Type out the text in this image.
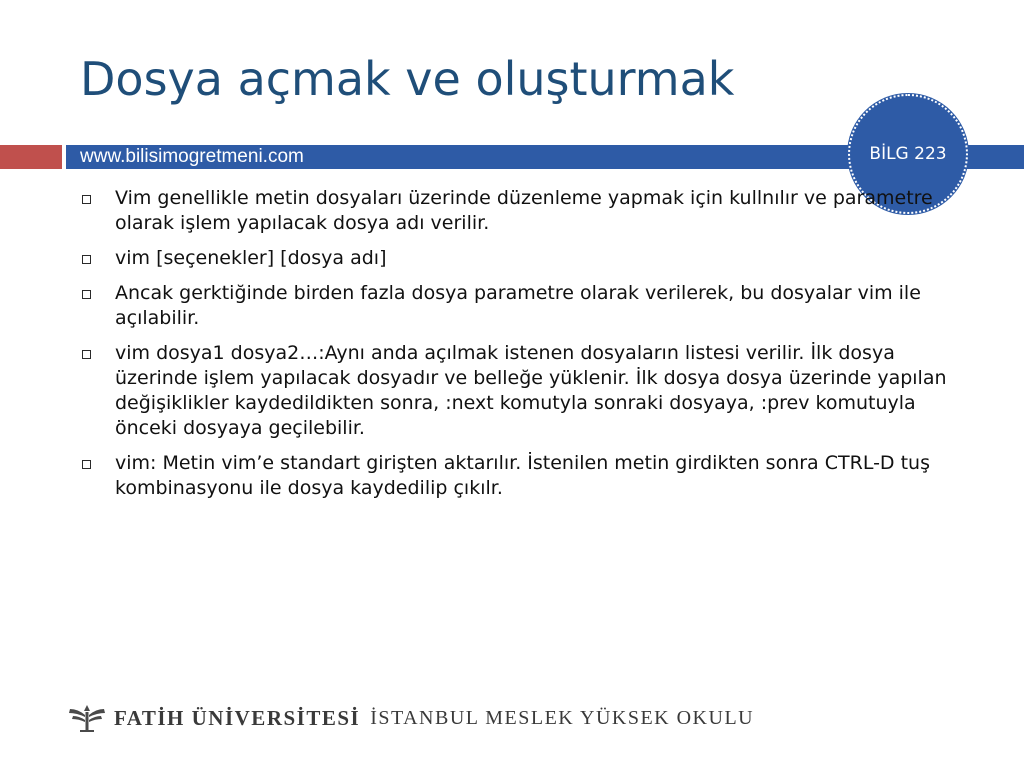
Dosya açmak ve oluşturmak
www.bilisimogretmeni.com	BİLG 223
Vim genellikle metin dosyaları üzerinde düzenleme yapmak için kullnılır ve parametre olarak işlem yapılacak dosya adı verilir.
vim [seçenekler] [dosya adı]
Ancak gerktiğinde birden fazla dosya parametre olarak verilerek, bu dosyalar vim ile açılabilir.
vim dosya1 dosya2…:Aynı anda açılmak istenen dosyaların listesi verilir. İlk dosya üzerinde işlem yapılacak dosyadır ve belleğe yüklenir. İlk dosya dosya üzerinde yapılan değişiklikler kaydedildikten sonra, :next komutyla sonraki dosyaya, :prev komutuyla önceki dosyaya geçilebilir.
vim: Metin vim’e standart girişten aktarılır. İstenilen metin girdikten sonra CTRL-D tuş kombinasyonu ile dosya kaydedilip çıkılr.
FATİH ÜNİVERSİTESİ İSTANBUL MESLEK YÜKSEK OKULU
